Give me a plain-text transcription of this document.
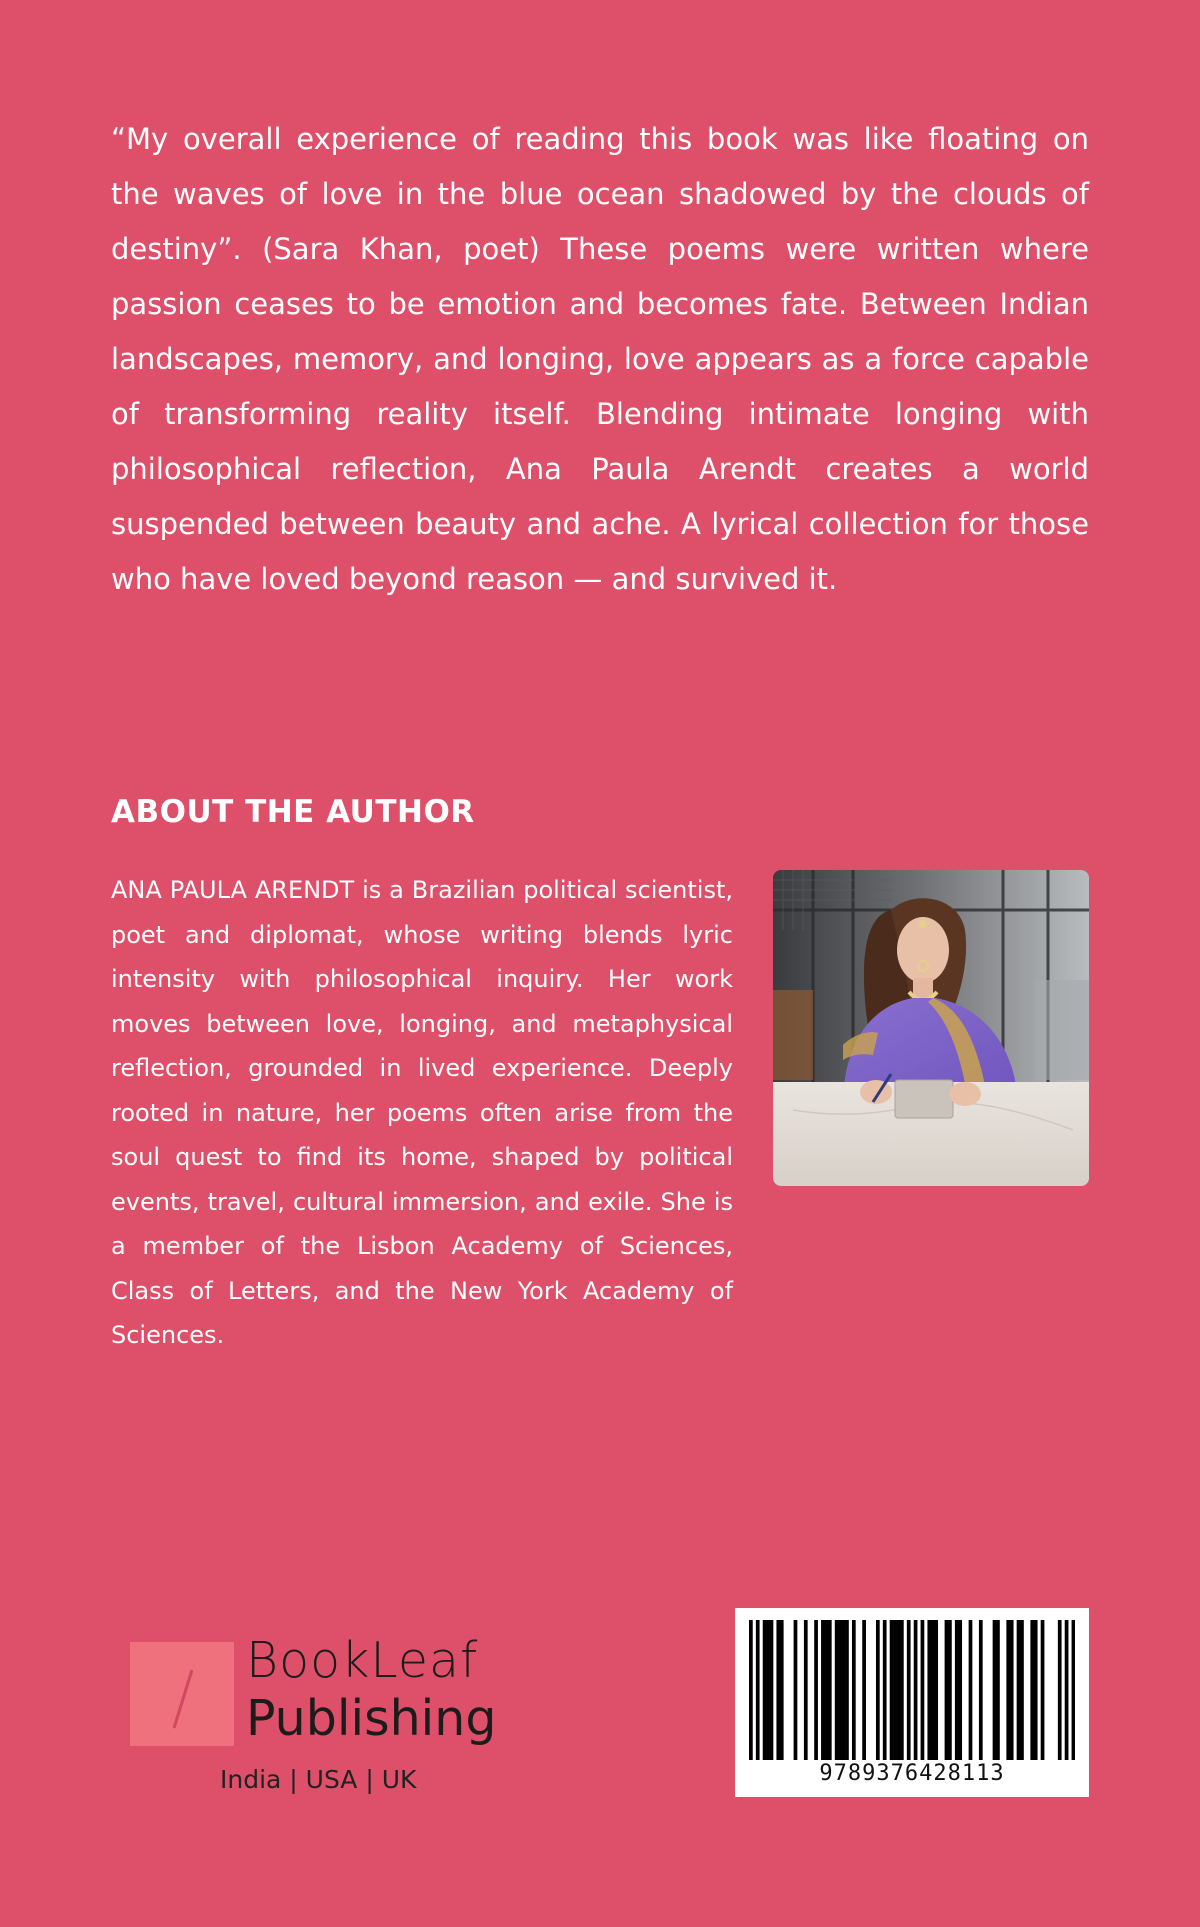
“My overall experience of reading this book was like floating on the waves of love in the blue ocean shadowed by the clouds of destiny”. (Sara Khan, poet) These poems were written where passion ceases to be emotion and becomes fate. Between Indian landscapes, memory, and longing, love appears as a force capable of transforming reality itself. Blending intimate longing with philosophical reflection, Ana Paula Arendt creates a world suspended between beauty and ache. A lyrical collection for those who have loved beyond reason — and survived it.

ABOUT THE AUTHOR

ANA PAULA ARENDT is a Brazilian political scientist, poet and diplomat, whose writing blends lyric intensity with philosophical inquiry. Her work moves between love, longing, and metaphysical reflection, grounded in lived experience. Deeply rooted in nature, her poems often arise from the soul quest to find its home, shaped by political events, travel, cultural immersion, and exile. She is a member of the Lisbon Academy of Sciences, Class of Letters, and the New York Academy of Sciences.

BookLeaf
Publishing
India | USA | UK	9789376428113
